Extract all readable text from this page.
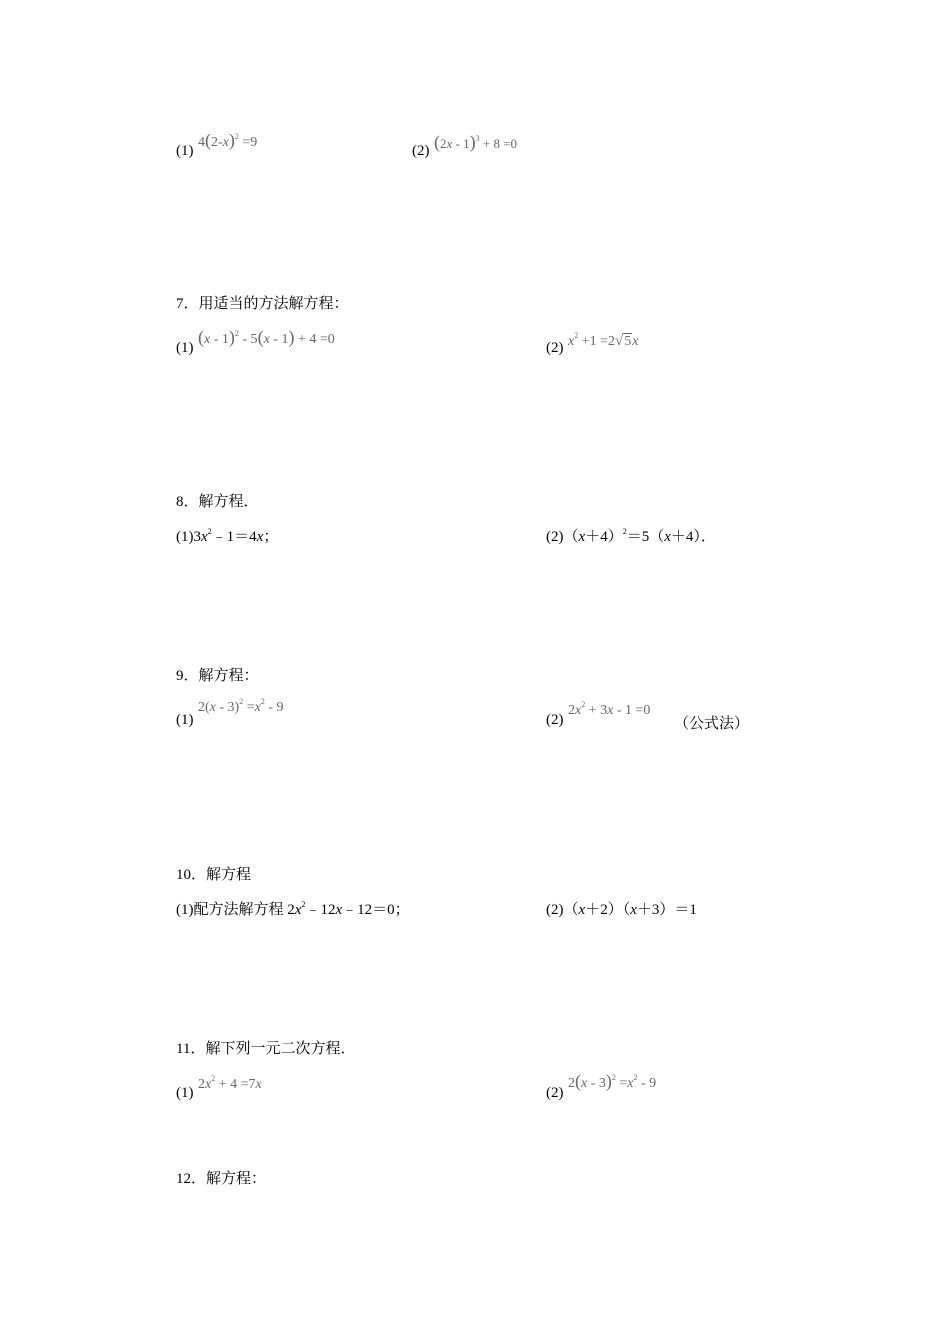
(1)
$4(2-x)^2 =9$
(2) (2x - 1)$^3$ + 8 =0
7．用适当的方法解方程：
(1)
(x - 1)$^2$ - 5(x - 1) + 4 =0
(2) $x^2 +1 =2√5x$
8．解方程．
$(1)3x^2﹣1=4x$；	$(2)(x+4)^2=5(x+4)$．
9．解方程：
(1)
$2(x - 3)^2 =x^2 - 9$
(2)
$2x^2 + 3x - 1 =0$
（公式法）
10．解方程
(1)配方法解方程 $2x^2﹣12x﹣12=0$；	(2)（x＋2）（x＋3）＝1
11．解下列一元二次方程．
(1)
$2x^2 + 4 =7x$
(2)
$2(x - 3)^2 =x^2 - 9$
12．解方程：
